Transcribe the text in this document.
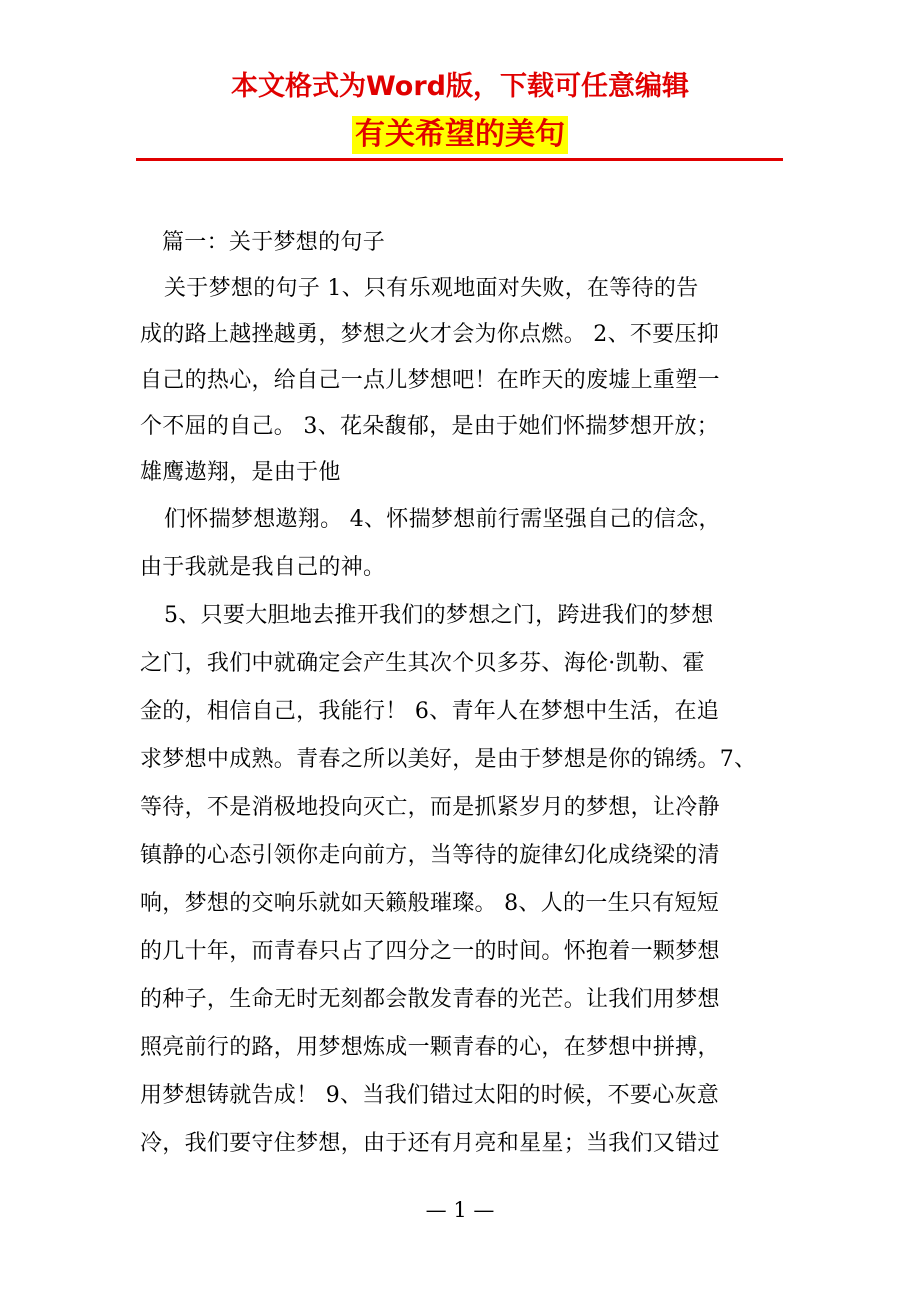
本文格式为Word版，下载可任意编辑
有关希望的美句
篇一：关于梦想的句子
关于梦想的句子 1、只有乐观地面对失败，在等待的告
成的路上越挫越勇，梦想之火才会为你点燃。 2、不要压抑
自己的热心，给自己一点儿梦想吧！在昨天的废墟上重塑一
个不屈的自己。 3、花朵馥郁，是由于她们怀揣梦想开放；
雄鹰遨翔，是由于他
们怀揣梦想遨翔。 4、怀揣梦想前行需坚强自己的信念，
由于我就是我自己的神。
5、只要大胆地去推开我们的梦想之门，跨进我们的梦想
之门，我们中就确定会产生其次个贝多芬、海伦·凯勒、霍
金的，相信自己，我能行！ 6、青年人在梦想中生活，在追
求梦想中成熟。青春之所以美好，是由于梦想是你的锦绣。7、
等待，不是消极地投向灭亡，而是抓紧岁月的梦想，让冷静
镇静的心态引领你走向前方，当等待的旋律幻化成绕梁的清
响，梦想的交响乐就如天籁般璀璨。 8、人的一生只有短短
的几十年，而青春只占了四分之一的时间。怀抱着一颗梦想
的种子，生命无时无刻都会散发青春的光芒。让我们用梦想
照亮前行的路，用梦想炼成一颗青春的心，在梦想中拼搏，
用梦想铸就告成！ 9、当我们错过太阳的时候，不要心灰意
冷，我们要守住梦想，由于还有月亮和星星；当我们又错过
— 1 —
